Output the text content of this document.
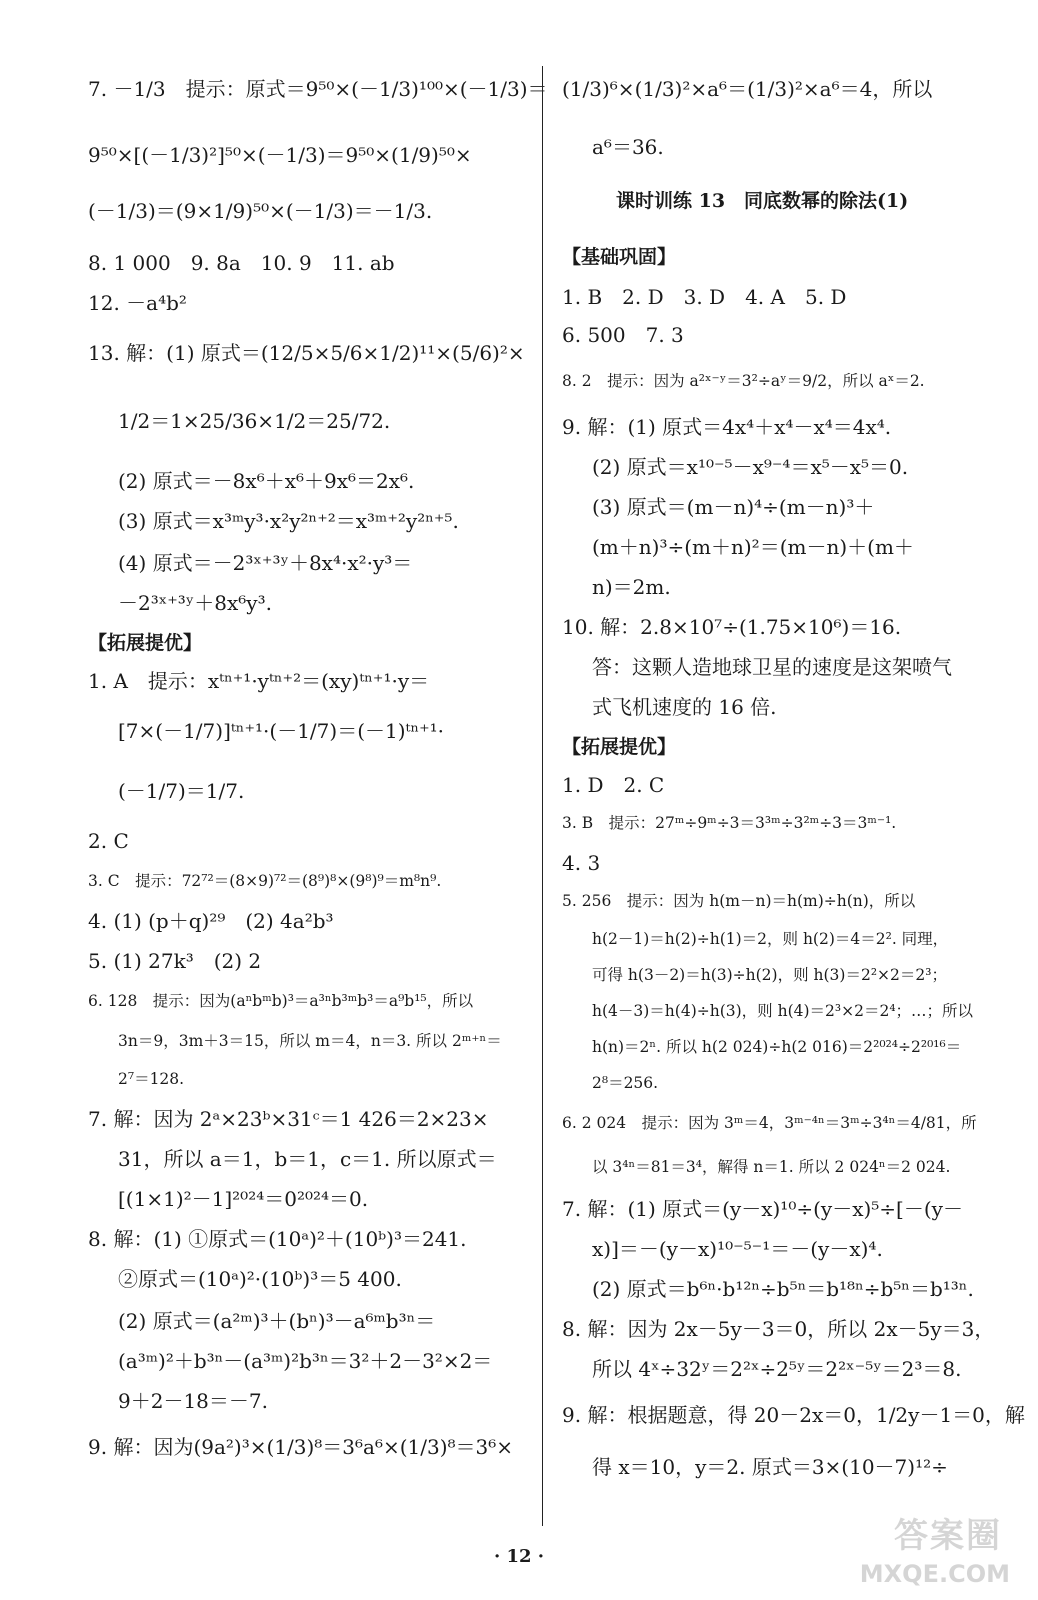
7. －1/3　提示：原式＝9⁵⁰×(－1/3)¹⁰⁰×(－1/3)＝
9⁵⁰×[(－1/3)²]⁵⁰×(－1/3)＝9⁵⁰×(1/9)⁵⁰×
(－1/3)＝(9×1/9)⁵⁰×(－1/3)＝－1/3.
8. 1 000　9. 8a　10. 9　11. ab
12. －a⁴b²
13. 解：(1) 原式＝(12/5×5/6×1/2)¹¹×(5/6)²×
1/2＝1×25/36×1/2＝25/72.
(2) 原式＝－8x⁶＋x⁶＋9x⁶＝2x⁶.
(3) 原式＝x³ᵐy³·x²y²ⁿ⁺²＝x³ᵐ⁺²y²ⁿ⁺⁵.
(4) 原式＝－2³ˣ⁺³ʸ＋8x⁴·x²·y³＝
－2³ˣ⁺³ʸ＋8x⁶y³.
【拓展提优】
1. A　提示：xᵗⁿ⁺¹·yᵗⁿ⁺²＝(xy)ᵗⁿ⁺¹·y＝
[7×(－1/7)]ᵗⁿ⁺¹·(－1/7)＝(－1)ᵗⁿ⁺¹·
(－1/7)＝1/7.
2. C
3. C　提示：72⁷²＝(8×9)⁷²＝(8⁹)⁸×(9⁸)⁹＝m⁸n⁹.
4. (1) (p＋q)²⁹　(2) 4a²b³
5. (1) 27k³　(2) 2
6. 128　提示：因为(aⁿbᵐb)³＝a³ⁿb³ᵐb³＝a⁹b¹⁵，所以
3n＝9，3m＋3＝15，所以 m＝4，n＝3. 所以 2ᵐ⁺ⁿ＝
2⁷＝128.
7. 解：因为 2ᵃ×23ᵇ×31ᶜ＝1 426＝2×23×
31，所以 a＝1，b＝1，c＝1. 所以原式＝
[(1×1)²－1]²⁰²⁴＝0²⁰²⁴＝0.
8. 解：(1) ①原式＝(10ᵃ)²＋(10ᵇ)³＝241.
②原式＝(10ᵃ)²·(10ᵇ)³＝5 400.
(2) 原式＝(a²ᵐ)³＋(bⁿ)³－a⁶ᵐb³ⁿ＝
(a³ᵐ)²＋b³ⁿ－(a³ᵐ)²b³ⁿ＝3²＋2－3²×2＝
9＋2－18＝－7.
9. 解：因为(9a²)³×(1/3)⁸＝3⁶a⁶×(1/3)⁸＝3⁶×
(1/3)⁶×(1/3)²×a⁶＝(1/3)²×a⁶＝4，所以
a⁶＝36.
课时训练 13　同底数幂的除法(1)
【基础巩固】
1. B　2. D　3. D　4. A　5. D
6. 500　7. 3
8. 2　提示：因为 a²ˣ⁻ʸ＝3²÷aʸ＝9/2，所以 aˣ＝2.
9. 解：(1) 原式＝4x⁴＋x⁴－x⁴＝4x⁴.
(2) 原式＝x¹⁰⁻⁵－x⁹⁻⁴＝x⁵－x⁵＝0.
(3) 原式＝(m－n)⁴÷(m－n)³＋
(m＋n)³÷(m＋n)²＝(m－n)＋(m＋
n)＝2m.
10. 解：2.8×10⁷÷(1.75×10⁶)＝16.
答：这颗人造地球卫星的速度是这架喷气
式飞机速度的 16 倍.
【拓展提优】
1. D　2. C
3. B　提示：27ᵐ÷9ᵐ÷3＝3³ᵐ÷3²ᵐ÷3＝3ᵐ⁻¹.
4. 3
5. 256　提示：因为 h(m－n)＝h(m)÷h(n)，所以
h(2－1)＝h(2)÷h(1)＝2，则 h(2)＝4＝2². 同理，
可得 h(3－2)＝h(3)÷h(2)，则 h(3)＝2²×2＝2³；
h(4－3)＝h(4)÷h(3)，则 h(4)＝2³×2＝2⁴；…；所以
h(n)＝2ⁿ. 所以 h(2 024)÷h(2 016)＝2²⁰²⁴÷2²⁰¹⁶＝
2⁸＝256.
6. 2 024　提示：因为 3ᵐ＝4，3ᵐ⁻⁴ⁿ＝3ᵐ÷3⁴ⁿ＝4/81，所
以 3⁴ⁿ＝81＝3⁴，解得 n＝1. 所以 2 024ⁿ＝2 024.
7. 解：(1) 原式＝(y－x)¹⁰÷(y－x)⁵÷[－(y－
x)]＝－(y－x)¹⁰⁻⁵⁻¹＝－(y－x)⁴.
(2) 原式＝b⁶ⁿ·b¹²ⁿ÷b⁵ⁿ＝b¹⁸ⁿ÷b⁵ⁿ＝b¹³ⁿ.
8. 解：因为 2x－5y－3＝0，所以 2x－5y＝3，
所以 4ˣ÷32ʸ＝2²ˣ÷2⁵ʸ＝2²ˣ⁻⁵ʸ＝2³＝8.
9. 解：根据题意，得 20－2x＝0，1/2y－1＝0，解
得 x＝10，y＝2. 原式＝3×(10－7)¹²÷
· 12 ·
答案圈
MXQE.COM
